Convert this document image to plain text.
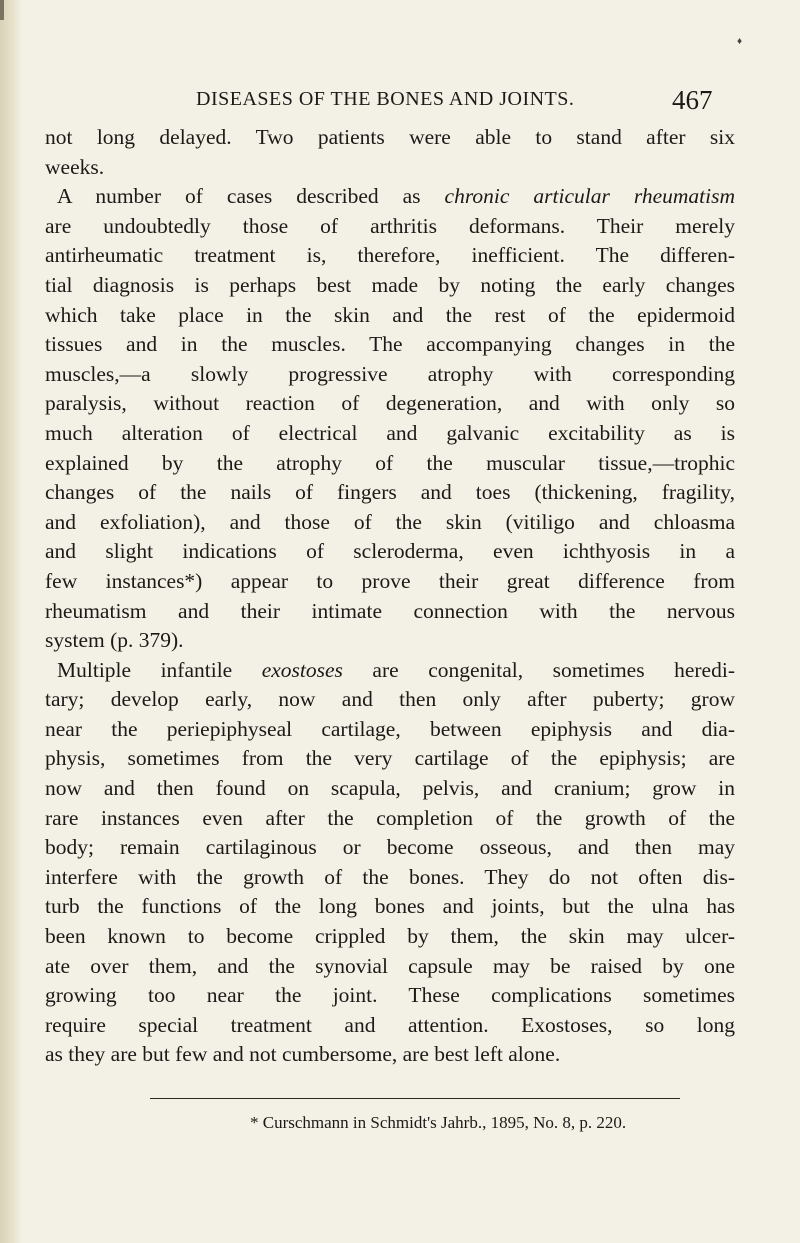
♦
DISEASES OF THE BONES AND JOINTS.	467
not long delayed. Two patients were able to stand after six
weeks.
A number of cases described as chronic articular rheumatism
are undoubtedly those of arthritis deformans. Their merely
antirheumatic treatment is, therefore, inefficient. The differen-
tial diagnosis is perhaps best made by noting the early changes
which take place in the skin and the rest of the epidermoid
tissues and in the muscles. The accompanying changes in the
muscles,—a slowly progressive atrophy with corresponding
paralysis, without reaction of degeneration, and with only so
much alteration of electrical and galvanic excitability as is
explained by the atrophy of the muscular tissue,—trophic
changes of the nails of fingers and toes (thickening, fragility,
and exfoliation), and those of the skin (vitiligo and chloasma
and slight indications of scleroderma, even ichthyosis in a
few instances*) appear to prove their great difference from
rheumatism and their intimate connection with the nervous
system (p. 379).
Multiple infantile exostoses are congenital, sometimes heredi-
tary; develop early, now and then only after puberty; grow
near the periepiphyseal cartilage, between epiphysis and dia-
physis, sometimes from the very cartilage of the epiphysis; are
now and then found on scapula, pelvis, and cranium; grow in
rare instances even after the completion of the growth of the
body; remain cartilaginous or become osseous, and then may
interfere with the growth of the bones. They do not often dis-
turb the functions of the long bones and joints, but the ulna has
been known to become crippled by them, the skin may ulcer-
ate over them, and the synovial capsule may be raised by one
growing too near the joint. These complications sometimes
require special treatment and attention. Exostoses, so long
as they are but few and not cumbersome, are best left alone.
* Curschmann in Schmidt's Jahrb., 1895, No. 8, p. 220.
